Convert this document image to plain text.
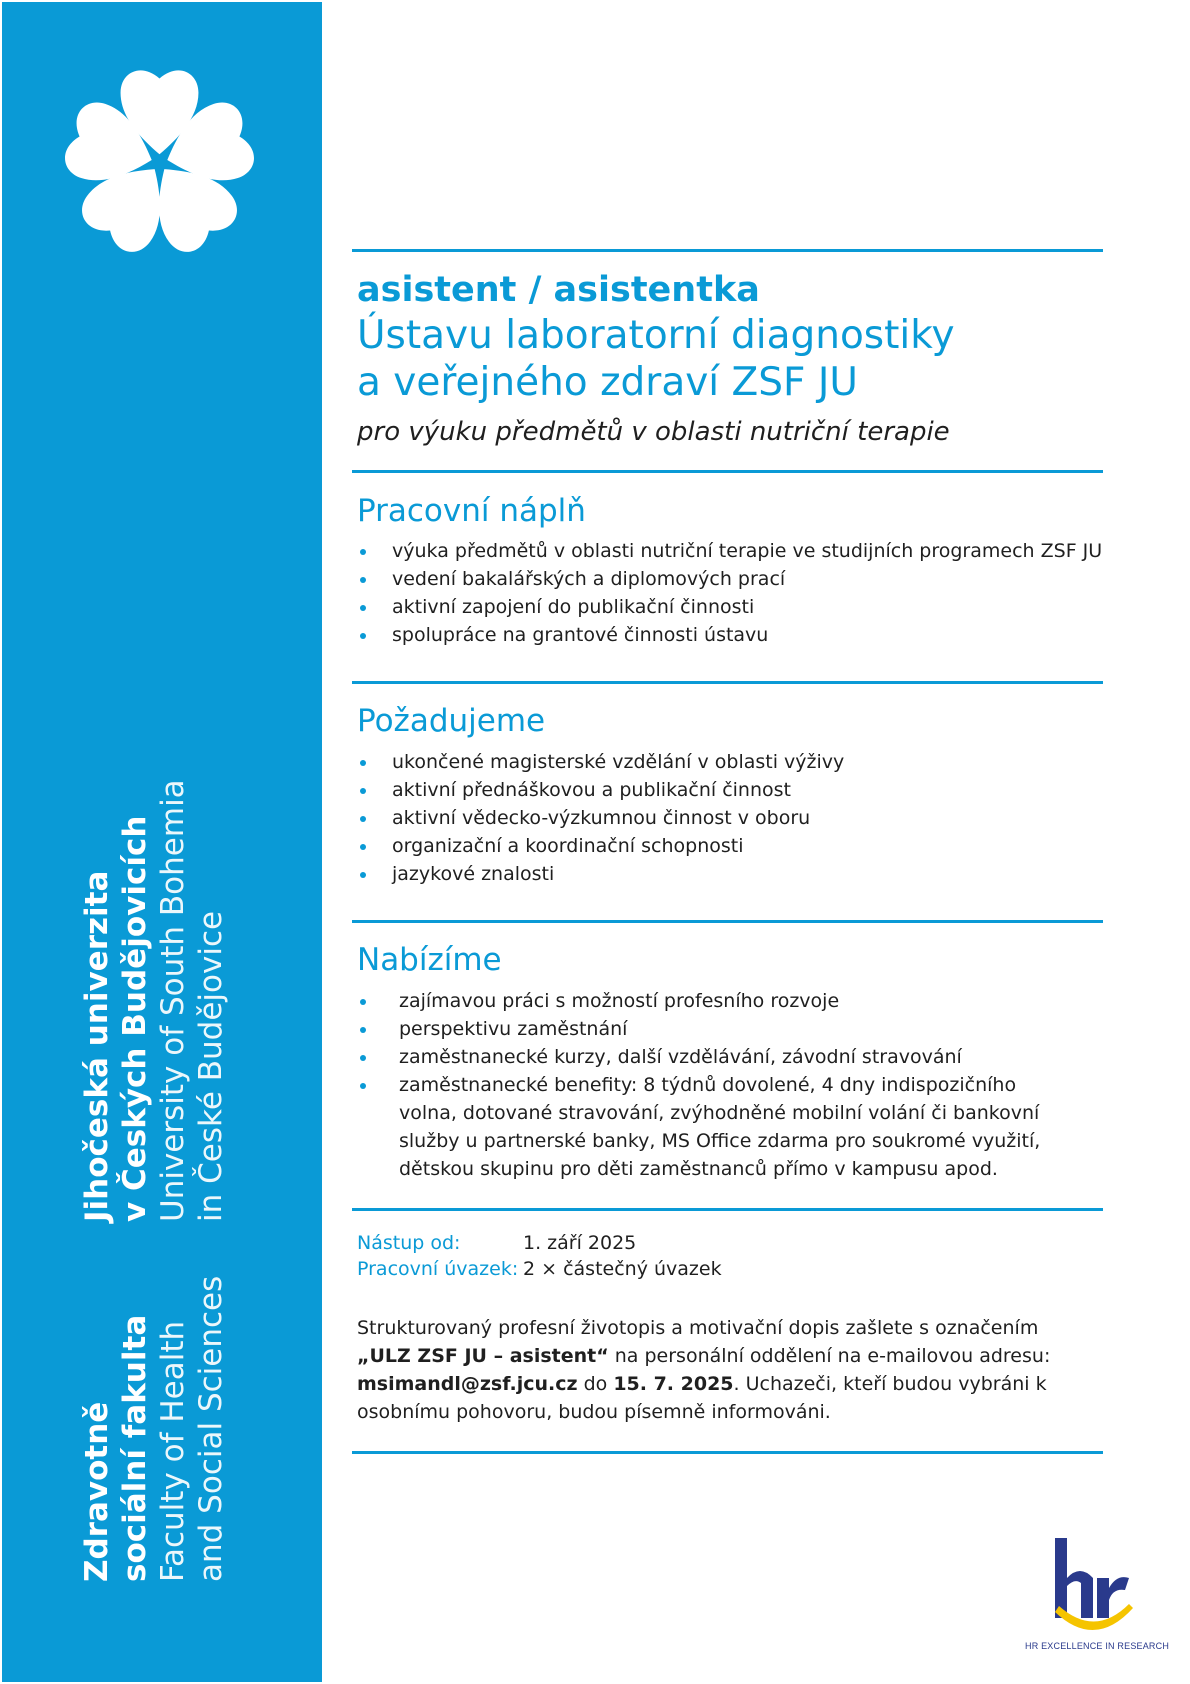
Zdravotně sociální fakulta Faculty of Health and Social Sciences
Jihočeská univerzita v Českých Budějovicích University of South Bohemia in České Budějovice
asistent / asistentka
Ústavu laboratorní diagnostiky
a veřejného zdraví ZSF JU
pro výuku předmětů v oblasti nutriční terapie
Pracovní náplň
výuka předmětů v oblasti nutriční terapie ve studijních programech ZSF JU
vedení bakalářských a diplomových prací
aktivní zapojení do publikační činnosti
spolupráce na grantové činnosti ústavu
Požadujeme
ukončené magisterské vzdělání v oblasti výživy
aktivní přednáškovou a publikační činnost
aktivní vědecko-výzkumnou činnost v oboru
organizační a koordinační schopnosti
jazykové znalosti
Nabízíme
zajímavou práci s možností profesního rozvoje
perspektivu zaměstnání
zaměstnanecké kurzy, další vzdělávání, závodní stravování
zaměstnanecké benefity: 8 týdnů dovolené, 4 dny indispozičního volna, dotované stravování, zvýhodněné mobilní volání či bankovní služby u partnerské banky, MS Office zdarma pro soukromé využití, dětskou skupinu pro děti zaměstnanců přímo v kampusu apod.
Nástup od:	1. září 2025
Pracovní úvazek: 2 × částečný úvazek
Strukturovaný profesní životopis a motivační dopis zašlete s označením
„ULZ ZSF JU – asistent“ na personální oddělení na e-mailovou adresu:
msimandl@zsf.jcu.cz do 15. 7. 2025. Uchazeči, kteří budou vybráni k osobnímu pohovoru, budou písemně informováni.
HR EXCELLENCE IN RESEARCH
